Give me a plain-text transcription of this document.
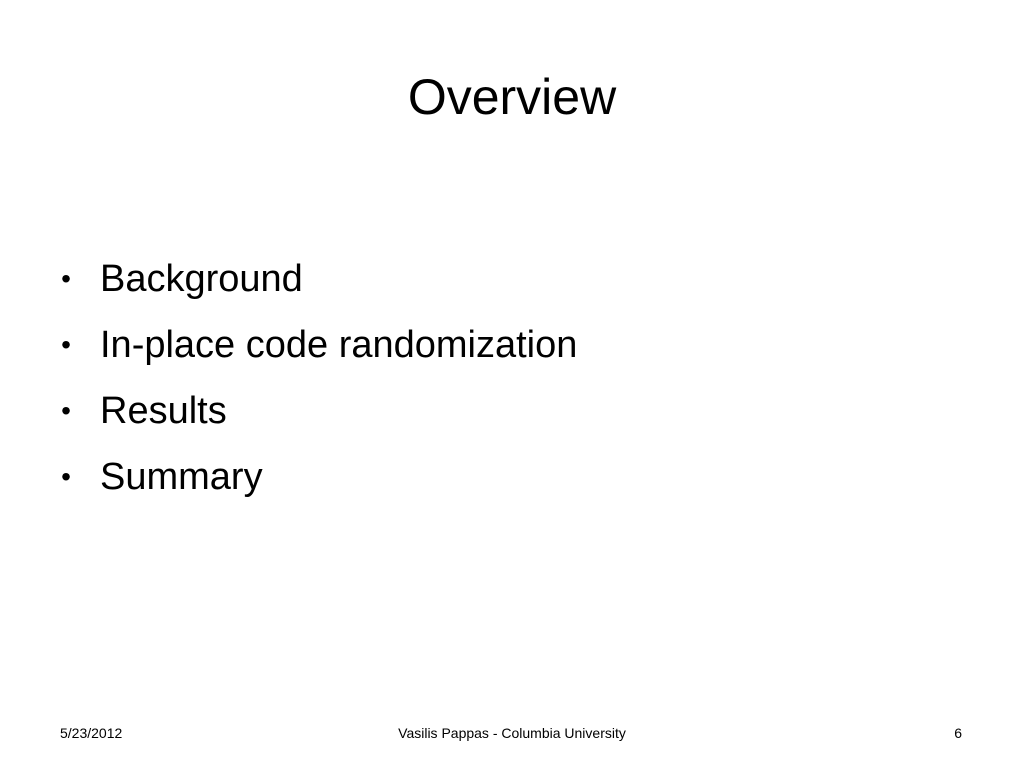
Overview
• Background
• In-place code randomization
• Results
• Summary
5/23/2012	Vasilis Pappas - Columbia University	6
